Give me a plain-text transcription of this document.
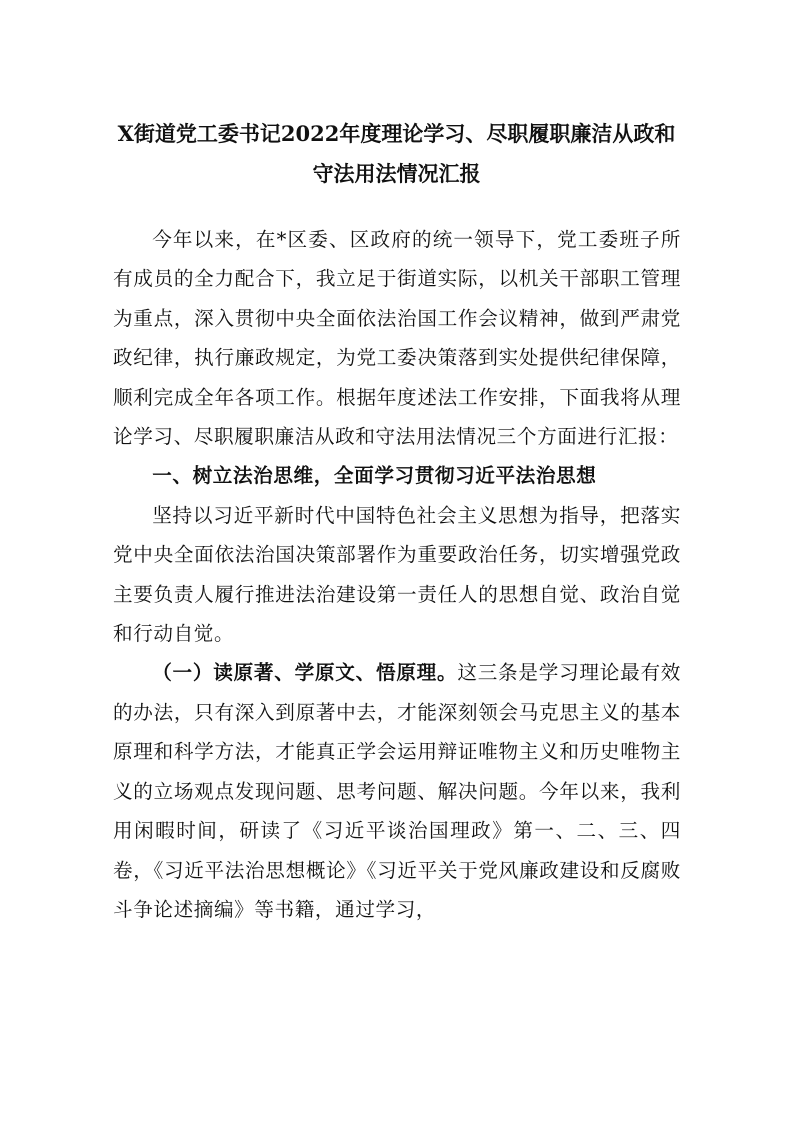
X街道党工委书记2022年度理论学习、尽职履职廉洁从政和
守法用法情况汇报

今年以来，在*区委、区政府的统一领导下，党工委班子所有成员的全力配合下，我立足于街道实际，以机关干部职工管理为重点，深入贯彻中央全面依法治国工作会议精神，做到严肃党政纪律，执行廉政规定，为党工委决策落到实处提供纪律保障，顺利完成全年各项工作。根据年度述法工作安排，下面我将从理论学习、尽职履职廉洁从政和守法用法情况三个方面进行汇报：

一、树立法治思维，全面学习贯彻习近平法治思想

坚持以习近平新时代中国特色社会主义思想为指导，把落实党中央全面依法治国决策部署作为重要政治任务，切实增强党政主要负责人履行推进法治建设第一责任人的思想自觉、政治自觉和行动自觉。

（一）读原著、学原文、悟原理。这三条是学习理论最有效的办法，只有深入到原著中去，才能深刻领会马克思主义的基本原理和科学方法，才能真正学会运用辩证唯物主义和历史唯物主义的立场观点发现问题、思考问题、解决问题。今年以来，我利用闲暇时间，研读了《习近平谈治国理政》第一、二、三、四卷，《习近平法治思想概论》《习近平关于党风廉政建设和反腐败斗争论述摘编》等书籍，通过学习，
